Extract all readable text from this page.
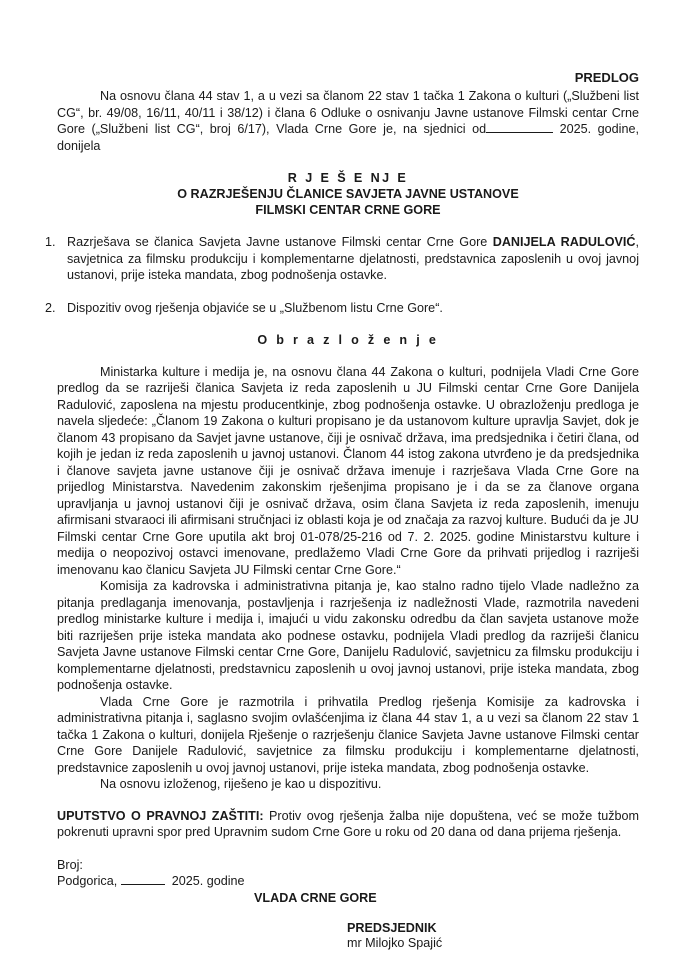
PREDLOG

Na osnovu člana 44 stav 1, a u vezi sa članom 22 stav 1 tačka 1 Zakona o kulturi („Službeni list CG“, br. 49/08, 16/11, 40/11 i 38/12) i člana 6 Odluke o osnivanju Javne ustanove Filmski centar Crne Gore („Službeni list CG“, broj 6/17), Vlada Crne Gore je, na sjednici od	2025. godine, donijela

R J E Š E NJ E
O RAZRJEŠENJU ČLANICE SAVJETA JAVNE USTANOVE
FILMSKI CENTAR CRNE GORE
1. Razrješava se članica Savjeta Javne ustanove Filmski centar Crne Gore DANIJELA RADULOVIĆ, savjetnica za filmsku produkciju i komplementarne djelatnosti, predstavnica zaposlenih u ovoj javnoj ustanovi, prije isteka mandata, zbog podnošenja ostavke.
2. Dispozitiv ovog rješenja objaviće se u „Službenom listu Crne Gore“.
O b r a z l o ž e n j e

Ministarka kulture i medija je, na osnovu člana 44 Zakona o kulturi, podnijela Vladi Crne Gore predlog da se razriješi članica Savjeta iz reda zaposlenih u JU Filmski centar Crne Gore Danijela Radulović, zaposlena na mjestu producentkinje, zbog podnošenja ostavke. U obrazloženju predloga je navela sljedeće: „Članom 19 Zakona o kulturi propisano je da ustanovom kulture upravlja Savjet, dok je članom 43 propisano da Savjet javne ustanove, čiji je osnivač država, ima predsjednika i četiri člana, od kojih je jedan iz reda zaposlenih u javnoj ustanovi. Članom 44 istog zakona utvrđeno je da predsjednika i članove savjeta javne ustanove čiji je osnivač država imenuje i razrješava Vlada Crne Gore na prijedlog Ministarstva. Navedenim zakonskim rješenjima propisano je i da se za članove organa upravljanja u javnoj ustanovi čiji je osnivač država, osim člana Savjeta iz reda zaposlenih, imenuju afirmisani stvaraoci ili afirmisani stručnjaci iz oblasti koja je od značaja za razvoj kulture. Budući da je JU Filmski centar Crne Gore uputila akt broj 01-078/25-216 od 7. 2. 2025. godine Ministarstvu kulture i medija o neopozivoj ostavci imenovane, predlažemo Vladi Crne Gore da prihvati prijedlog i razriješi imenovanu kao članicu Savjeta JU Filmski centar Crne Gore.“

Komisija za kadrovska i administrativna pitanja je, kao stalno radno tijelo Vlade nadležno za pitanja predlaganja imenovanja, postavljenja i razrješenja iz nadležnosti Vlade, razmotrila navedeni predlog ministarke kulture i medija i, imajući u vidu zakonsku odredbu da član savjeta ustanove može biti razriješen prije isteka mandata ako podnese ostavku, podnijela Vladi predlog da razriješi članicu Savjeta Javne ustanove Filmski centar Crne Gore, Danijelu Radulović, savjetnicu za filmsku produkciju i komplementarne djelatnosti, predstavnicu zaposlenih u ovoj javnoj ustanovi, prije isteka mandata, zbog podnošenja ostavke.

Vlada Crne Gore je razmotrila i prihvatila Predlog rješenja Komisije za kadrovska i administrativna pitanja i, saglasno svojim ovlašćenjima iz člana 44 stav 1, a u vezi sa članom 22 stav 1 tačka 1 Zakona o kulturi, donijela Rješenje o razrješenju članice Savjeta Javne ustanove Filmski centar Crne Gore Danijele Radulović, savjetnice za filmsku produkciju i komplementarne djelatnosti, predstavnice zaposlenih u ovoj javnoj ustanovi, prije isteka mandata, zbog podnošenja ostavke.

Na osnovu izloženog, riješeno je kao u dispozitivu.

UPUTSTVO O PRAVNOJ ZAŠTITI: Protiv ovog rješenja žalba nije dopuštena, već se može tužbom pokrenuti upravni spor pred Upravnim sudom Crne Gore u roku od 20 dana od dana prijema rješenja.

Broj:
Podgorica,	2025. godine
VLADA CRNE GORE
PREDSJEDNIK
mr Milojko Spajić
